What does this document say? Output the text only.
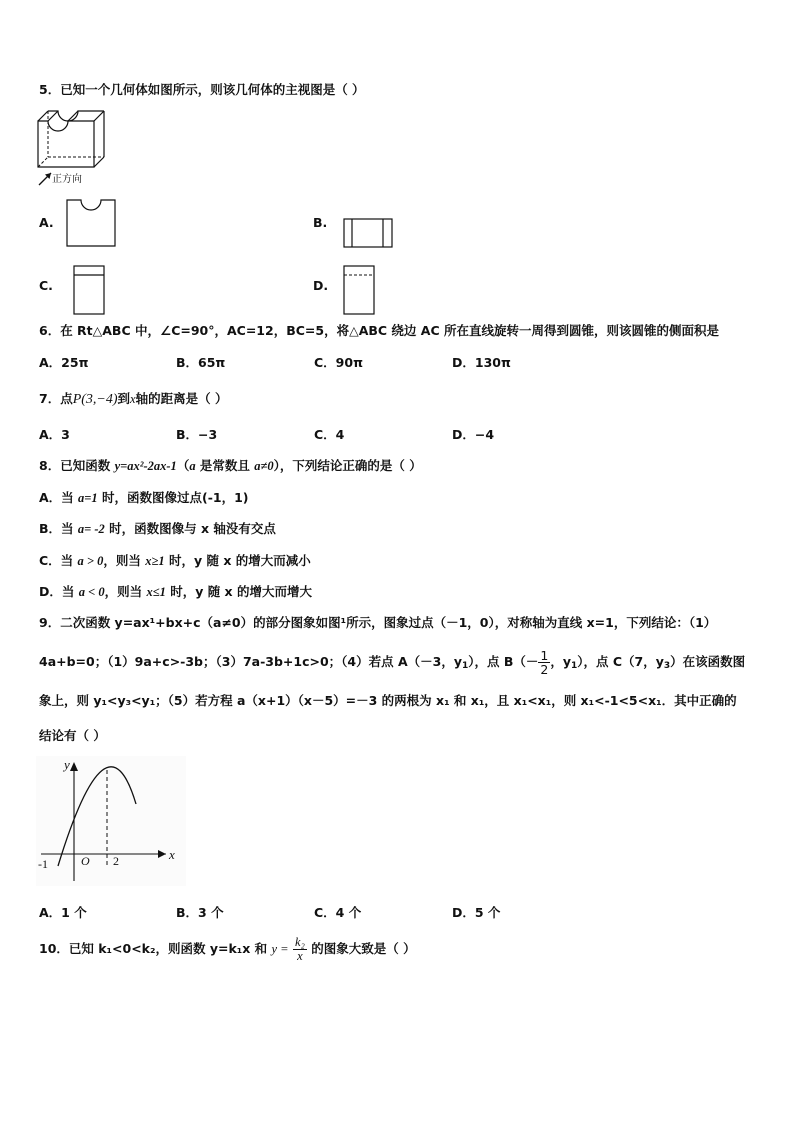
5．已知一个几何体如图所示，则该几何体的主视图是（ ）
正方向
A.	B.
C.	D.
6．在 Rt△ABC 中，∠C=90°，AC=12，BC=5，将△ABC 绕边 AC 所在直线旋转一周得到圆锥，则该圆锥的侧面积是
A．25π	B．65π	C．90π	D．130π
7．点P(3,−4)到x轴的距离是（ ）
A．3	B．−3	C．4	D．−4
8．已知函数 y=ax²-2ax-1（a 是常数且 a≠0），下列结论正确的是（ ）
A．当 a=1 时，函数图像过点(-1，1)
B．当 a= -2 时，函数图像与 x 轴没有交点
C．当 a > 0，则当 x≥1 时，y 随 x 的增大而减小
D．当 a < 0，则当 x≤1 时，y 随 x 的增大而增大
9．二次函数 y=ax¹+bx+c（a≠0）的部分图象如图¹所示，图象过点（－1，0），对称轴为直线 x=1，下列结论：（1）
4a+b=0；（1）9a+c>-3b；（3）7a-3b+1c>0；（4）若点 A（－3，$y_1$），点 $B(- \frac{1}{2}$ ，$y_1$），点 C（7，$y_3$）在该函数图
象上，则 y₁<y₃<y₁；（5）若方程 a（x+1）（x－5）=－3 的两根为 x₁ 和 x₁，且 x₁<x₁，则 x₁<-1<5<x₁．其中正确的
结论有（ ）
y
x
O
-1	2
A．1 个	B．3 个	C．4 个	D．5 个
10．已知 k₁<0<k₂，则函数 y=k₁x 和 $y = \frac{\text{k₂}}{x}$ 的图象大致是（ ）
